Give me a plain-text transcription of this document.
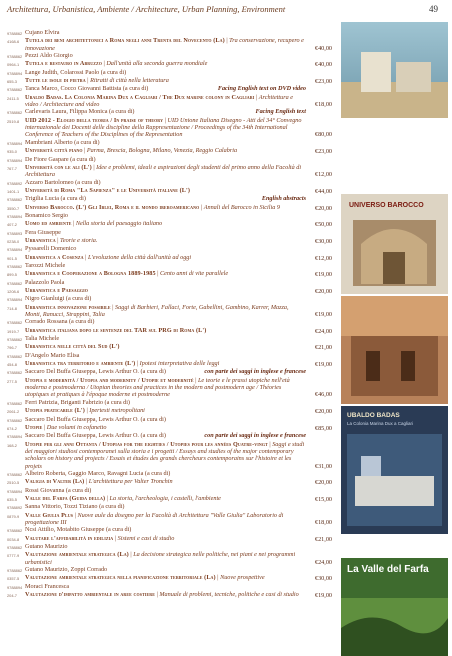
Architettura, Urbanistica, Ambiente / Architecture, Urban Planning, Environment	49
9788862 Cujano Elvira
4168-6 Tutela dei beni architettonici a Roma negli anni Trenta del Novecento (La) | Tra conservazione, recupero e innovazione	€40,00
9788862 Pezzi Aldo Giorgio
0964-1 Tutela e restauro in Abruzzo | Dall'unità alla seconda guerra mondiale	€40,00
9788894 Lange Judith, Colarossi Paolo (a cura di)
655-3	Tutte le isole di pietra | Ritratti di città nella letteratura	€23,00
9788862 Tanca Marco, Cocco Giovanni Battista (a cura di)	Facing English text on DVD video
2411-5 Ubaldo Badas. La Colonia Marina Dux a Cagliari / The Dux marine colony in Cagliari | Architettura e video / Architecture and video	€18,00
9788862 Carlevaris Laura, Filippa Monica (a cura di)	Facing English text
2519-8 UID 2012 - Elogio della teoria / In praise of theory | UID Unione Italiana Disegno - Atti del 34° Convegno internazionale dei Docenti delle discipline della Rappresentazione / Proceedings of the 34th International Conference of Teachers of the Disciplines of the Representation	€80,00
9788894 Mambriani Alberto (a cura di)
935-0	Università città piano | Parma, Brescia, Bologna, Milano, Venezia, Reggio Calabria	€23,00
9788894 De Fiore Gaspare (a cura di)
767-7	Università con le ali (L') | Idee e problemi, ideali e aspirazioni degli studenti del primo anno della Facoltà di Architettura	€12,00
9788892 Azzaro Bartolomeo (a cura di)
1401-1 Università di Roma "La Sapienza" e le Università italiane (L')	€44,00
9788862 Trigilia Lucia (a cura di)	English abstracts
3550-7 Universo Barocco. (L') Gli Iblei, Roma e il mondo iberoamericano | Annali del Barocco in Sicilia 9	€20,00
9788894 Bonamico Sergio
407-2	Uomo ed ambiente | Nella storia del paesaggio italiano	€50,00
9788893 Fera Giuseppe
0238-0 Urbanistica | Teorie e storia.	€30,00
9788894 Pyssarelli Domenico
901-5	Urbanistica a Cosenza | L'evoluzione della città dall'unità ad oggi	€12,00
9788862 Tarozzi Michele
899-5	Urbanistica e Cooperazione a Bologna 1889-1985 | Cento anni di vite parallele	€19,00
9788862 Palazzolo Paola
1208-6 Urbanistica e Paesaggio	€20,00
9788894 Nigro Gianluigi (a cura di)
714-8	Urbanistica innovazione possibile | Saggi di Barbieri, Fallaci, Forte, Gabellini, Gambino, Karrer, Mazza, Monti, Ranucci, Strappini, Talia	€19,00
9788862 Corrado Rossana (a cura di)
1919-7 Urbanistica italiana dopo le sentenze del TAR sul PRG di Roma (L')	€24,00
9788862 Talia Michele
796-7	Urbanistica nelle città del Sud (L')	€21,00
9788862 D'Angelo Mario Elisa
454-8	Urbanistica tra territorio e ambiente (L') | Ipotesi interpretativa delle leggi	€19,00
9788862 Saccaro Del Buffa Giuseppa, Lewis Arthur O. (a cura di)	con parte dei saggi in inglese e francese
277-5	Utopia e modernità / Utopia and modernity / Utopie et modernité | Le teorie e le prassi utopiche nell'età moderna e postmoderna / Utopian theories and practices in the modern and postmodern age / Théories utopiques et pratiques à l'époque moderne et postmoderne	€46,00
9788862 Ferri Patrizia, Briganti Fabrizio (a cura di)
2061-2 Utopia praticabile (L') | Ipertesti metropolitani	€20,00
9788862 Saccaro Del Buffa Giuseppa, Lewis Arthur O. (a cura di)
674-2	Utopie | Due volumi in cofanetto	€85,00
9788894 Saccaro Del Buffa Giuseppa, Lewis Arthur O. (a cura di)	con parte dei saggi in inglese e francese
168-2	Utopie per gli anni Ottanta / Utopias for the eighties / Utopies pour les années Quatre-vingt | Saggi e studi dei maggiori studiosi contemporanei sulla storia e i progetti / Essays and studies of the major contemporary scholars on history and projects / Essais et études des grands chercheurs contemporains sur l'histoire et les projets	€31,00
9788862 Albeiro Roberta, Gaggio Marco, Ravagni Lucia (a cura di)
2510-5 Valigia di Valter (La) | L'architettura per Valter Tronchin	€20,00
9788894 Rossi Giovanna (a cura di)
635-5	Valle del Farfa (Guida della) | La storia, l'archeologia, i castelli, l'ambiente	€15,00
9788892 Sanna Vittorio, Tozzi Tiziano (a cura di)
0879-9 Valle Giulia Plus | Nuove aule da disegno per la Facoltà di Architettura "Valle Giulia" Laboratorio di progettazione III	€18,00
9788862 Ncsi Attilio, Motabito Giuseppe (a cura di)
0034-8 Valutare l'affidabilità in edilizia | Sistemi e casi di studio	€21,00
9788862 Gutano Maurizio
0777-9 Valutazione ambientale strategica (La) | La decisione strategica nelle politiche, nei piani e nei programmi urbanistici	€24,00
9788862 Gutano Maurizio, Zoppi Corrado
0357-5 Valutazione ambientale strategica nella pianificazione territoriale (La) | Nuove prospettive	€30,00
9788894 Moraci Francesca
204-7	Valutazione d'impatto ambientale in aree costiere | Manuale di problemi, tecniche, politiche e casi di studio	€19,00
UNIVERSO BAROCCO
UBALDO BADAS
La Colonia Marina Dux a Cagliari
La Valle del Farfa
